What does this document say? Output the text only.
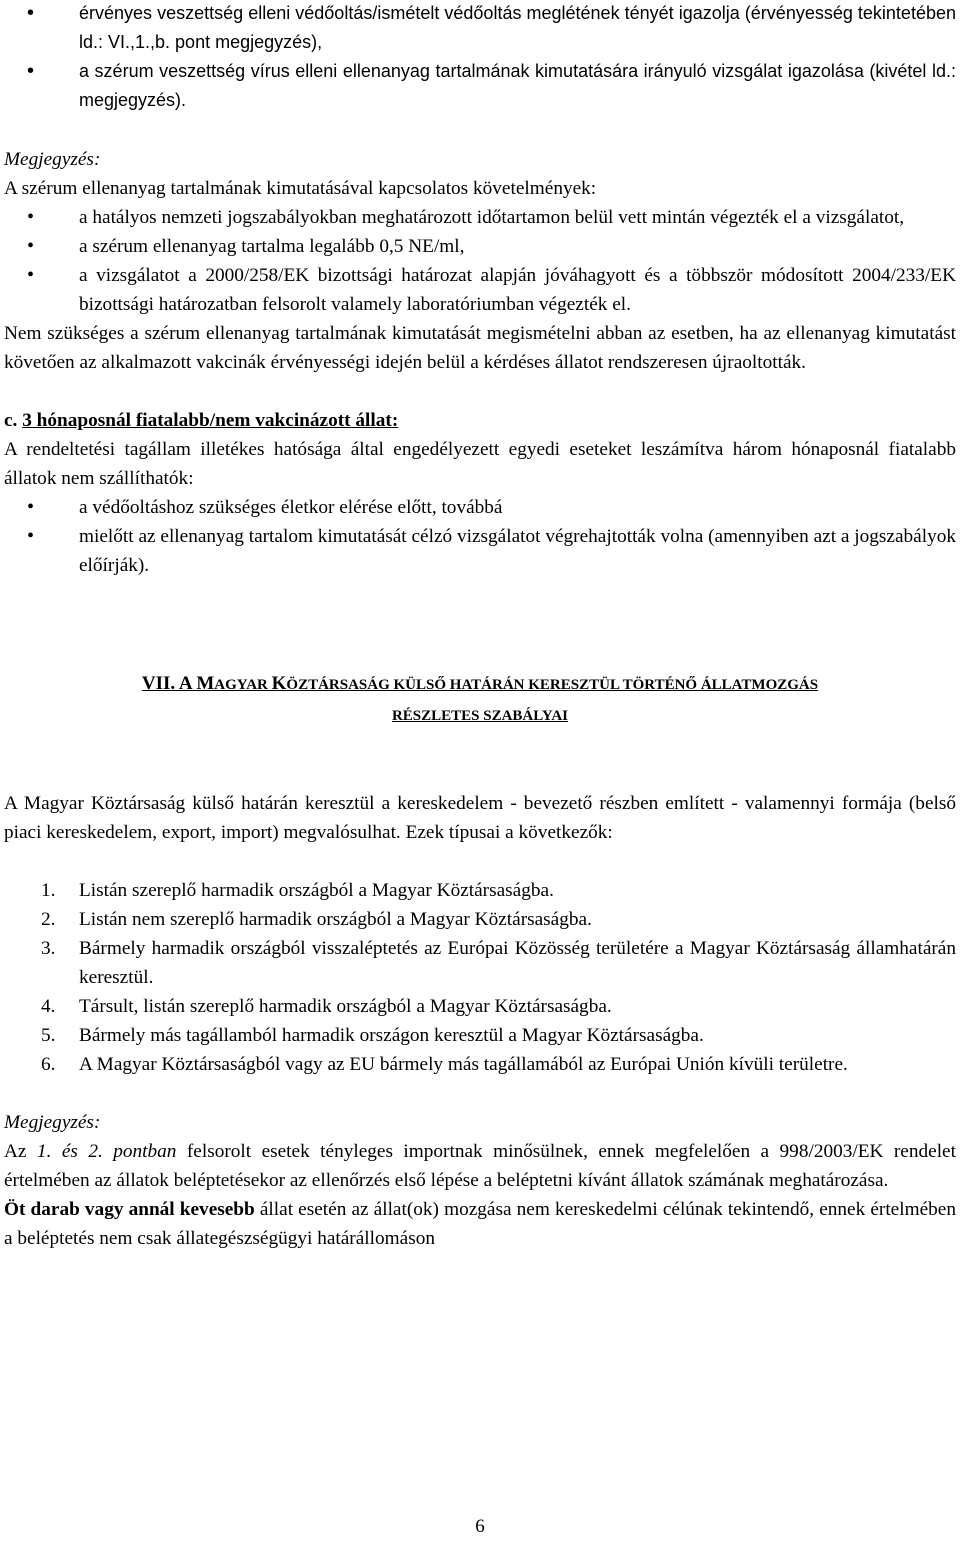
• érvényes veszettség elleni védőoltás/ismételt védőoltás meglétének tényét igazolja (érvényesség tekintetében ld.: VI.,1.,b. pont megjegyzés),
• a szérum veszettség vírus elleni ellenanyag tartalmának kimutatására irányuló vizsgálat igazolása (kivétel ld.: megjegyzés).

Megjegyzés:

A szérum ellenanyag tartalmának kimutatásával kapcsolatos követelmények:

• a hatályos nemzeti jogszabályokban meghatározott időtartamon belül vett mintán végezték el a vizsgálatot,
• a szérum ellenanyag tartalma legalább 0,5 NE/ml,
• a vizsgálatot a 2000/258/EK bizottsági határozat alapján jóváhagyott és a többször módosított 2004/233/EK bizottsági határozatban felsorolt valamely laboratóriumban végezték el.

Nem szükséges a szérum ellenanyag tartalmának kimutatását megismételni abban az esetben, ha az ellenanyag kimutatást követően az alkalmazott vakcinák érvényességi idején belül a kérdéses állatot rendszeresen újraoltották.

c. 3 hónaposnál fiatalabb/nem vakcinázott állat:

A rendeltetési tagállam illetékes hatósága által engedélyezett egyedi eseteket leszámítva három hónaposnál fiatalabb állatok nem szállíthatók:

• a védőoltáshoz szükséges életkor elérése előtt, továbbá
• mielőtt az ellenanyag tartalom kimutatását célzó vizsgálatot végrehajtották volna (amennyiben azt a jogszabályok előírják).

VII. A MAGYAR KÖZTÁRSASÁG KÜLSŐ HATÁRÁN KERESZTÜL TÖRTÉNŐ ÁLLATMOZGÁS

RÉSZLETES SZABÁLYAI

A Magyar Köztársaság külső határán keresztül a kereskedelem - bevezető részben említett - valamennyi formája (belső piaci kereskedelem, export, import) megvalósulhat. Ezek típusai a következők:

1. Listán szereplő harmadik országból a Magyar Köztársaságba.
2. Listán nem szereplő harmadik országból a Magyar Köztársaságba.
3. Bármely harmadik országból visszaléptetés az Európai Közösség területére a Magyar Köztársaság államhatárán keresztül.
4. Társult, listán szereplő harmadik országból a Magyar Köztársaságba.
5. Bármely más tagállamból harmadik országon keresztül a Magyar Köztársaságba.
6. A Magyar Köztársaságból vagy az EU bármely más tagállamából az Európai Unión kívüli területre.

Megjegyzés:

Az 1. és 2. pontban felsorolt esetek tényleges importnak minősülnek, ennek megfelelően a 998/2003/EK rendelet értelmében az állatok beléptetésekor az ellenőrzés első lépése a beléptetni kívánt állatok számának meghatározása.

Öt darab vagy annál kevesebb állat esetén az állat(ok) mozgása nem kereskedelmi célúnak tekintendő, ennek értelmében a beléptetés nem csak állategészségügyi határállomáson

6
